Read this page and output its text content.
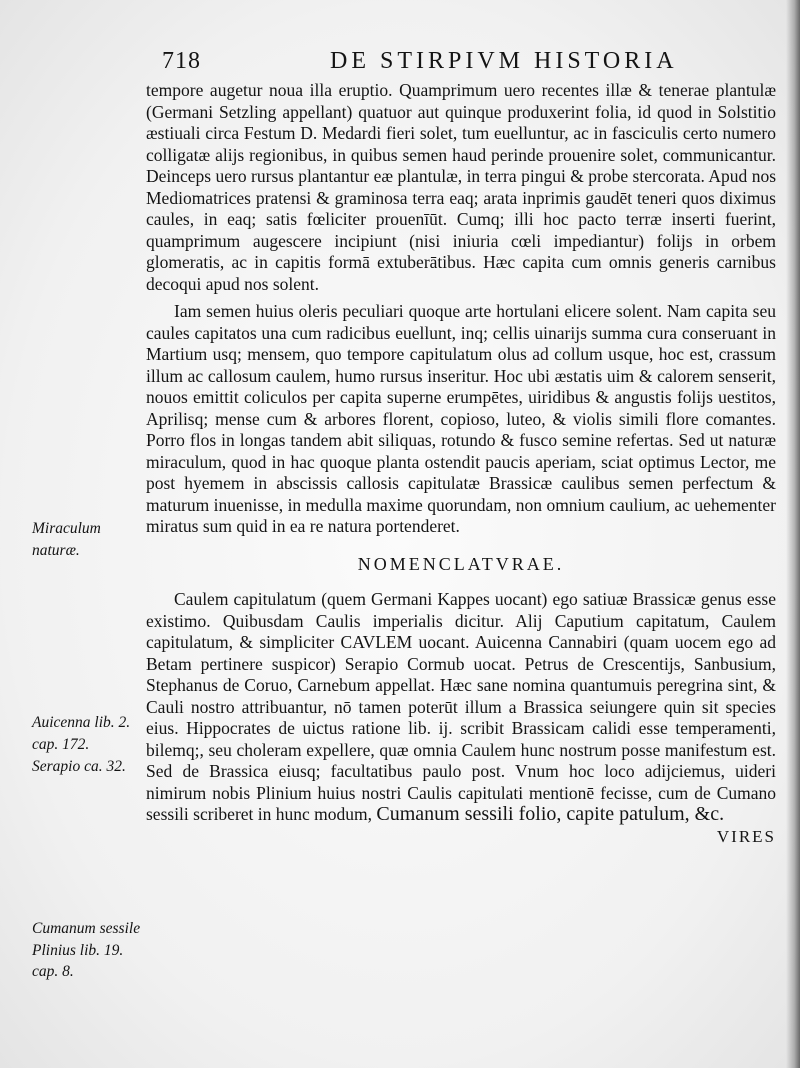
718	DE STIRPIVM HISTORIA

tempore augetur noua illa eruptio. Quamprimum uero recentes illæ & tenerae plantulæ (Germani Setzling appellant) quatuor aut quinque produxerint folia, id quod in Solstitio æstiuali circa Festum D. Medardi fieri solet, tum euelluntur, ac in fasciculis certo numero colligatæ alijs regionibus, in quibus semen haud perinde prouenire solet, communicantur. Deinceps uero rursus plantantur eæ plantulæ, in terra pingui & probe stercorata. Apud nos Mediomatrices pratensi & graminosa terra eaq; arata inprimis gaudēt teneri quos diximus caules, in eaq; satis fœliciter prouenīūt. Cumq; illi hoc pacto terræ inserti fuerint, quamprimum augescere incipiunt (nisi iniuria cœli impediantur) folijs in orbem glomeratis, ac in capitis formā extuberātibus. Hæc capita cum omnis generis carnibus decoqui apud nos solent.

Iam semen huius oleris peculiari quoque arte hortulani elicere solent. Nam capita seu caules capitatos una cum radicibus euellunt, inq; cellis uinarijs summa cura conseruant in Martium usq; mensem, quo tempore capitulatum olus ad collum usque, hoc est, crassum illum ac callosum caulem, humo rursus inseritur. Hoc ubi æstatis uim & calorem senserit, nouos emittit coliculos per capita superne erumpētes, uiridibus & angustis folijs uestitos, Aprilisq; mense cum & arbores florent, copioso, luteo, & violis simili flore comantes. Porro flos in longas tandem abit siliquas, rotundo & fusco semine refertas. Sed ut naturæ miraculum, quod in hac quoque planta ostendit paucis aperiam, sciat optimus Lector, me post hyemem in abscissis callosis capitulatæ Brassicæ caulibus semen perfectum & maturum inuenisse, in medulla maxime quorundam, non omnium caulium, ac uehementer miratus sum quid in ea re natura portenderet.

NOMENCLATVRAE.

Caulem capitulatum (quem Germani Kappes uocant) ego satiuæ Brassicæ genus esse existimo. Quibusdam Caulis imperialis dicitur. Alij Caputium capitatum, Caulem capitulatum, & simpliciter CAVLEM uocant. Auicenna Cannabiri (quam uocem ego ad Betam pertinere suspicor) Serapio Cormub uocat. Petrus de Crescentijs, Sanbusium, Stephanus de Coruo, Carnebum appellat. Hæc sane nomina quantumuis peregrina sint, & Cauli nostro attribuantur, nō tamen poterūt illum a Brassica seiungere quin sit species eius. Hippocrates de uictus ratione lib. ij. scribit Brassicam calidi esse temperamenti, bilemq;, seu choleram expellere, quæ omnia Caulem hunc nostrum posse manifestum est. Sed de Brassica eiusq; facultatibus paulo post. Vnum hoc loco adijciemus, uideri nimirum nobis Plinium huius nostri Caulis capitulati mentionē fecisse, cum de Cumano sessili scriberet in hunc modum, Cumanum sessili folio, capite patulum, &c.

VIRES
Miraculum naturæ.
Auicenna lib. 2. cap. 172.
Serapio ca. 32.
Cumanum sessile Plinius lib. 19. cap. 8.
